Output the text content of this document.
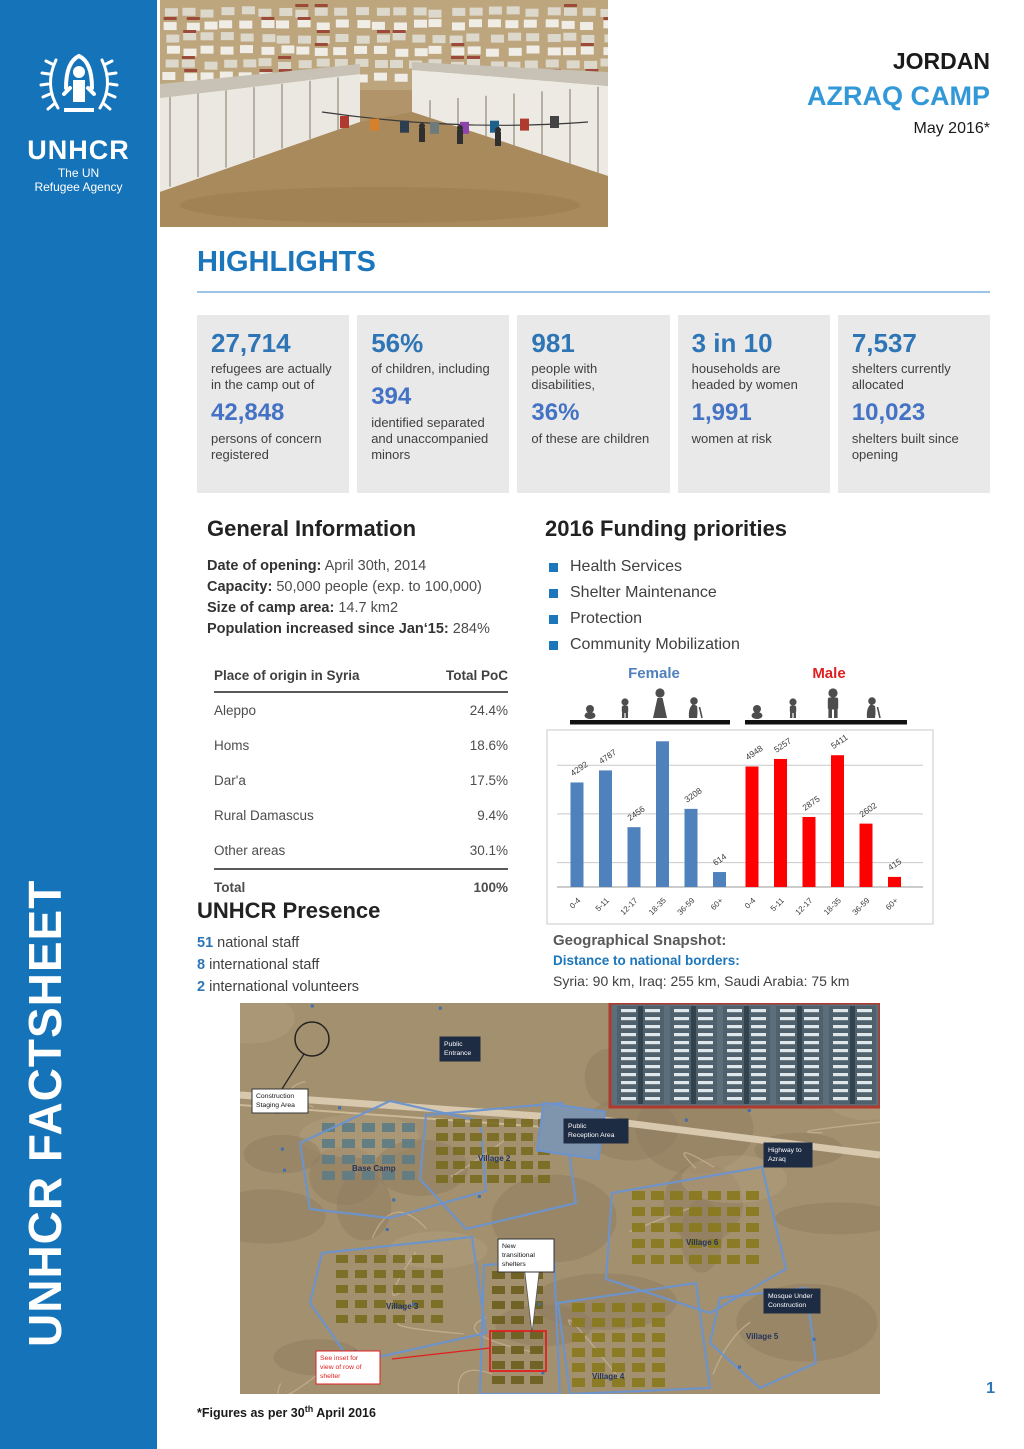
UNHCR
The UN
Refugee Agency
UNHCR FACTSHEET
JORDAN
AZRAQ CAMP
May 2016*
HIGHLIGHTS
27,714
refugees are actually in the camp out of
42,848
persons of concern registered
56%
of children, including
394
identified separated and unaccompanied minors
981
people with disabilities,
36%
of these are children
3 in 10
households are headed by women
1,991
women at risk
7,537
shelters currently allocated
10,023
shelters built since opening
General Information
Date of opening: April 30th, 2014
Capacity: 50,000 people (exp. to 100,000)
Size of camp area: 14.7 km2
Population increased since Jan‘15: 284%
Place of origin in Syria	Total PoC
Aleppo	24.4%
Homs	18.6%
Dar'a	17.5%
Rural Damascus	9.4%
Other areas	30.1%
Total	100%
UNHCR Presence
51 national staff
8 international staff
2 international volunteers
2016 Funding priorities
Health Services
Shelter Maintenance
Protection
Community Mobilization
Female	Male
4292
0-4
4787
5-11
2456
12-17 18-35
3208
36-59
614
60+
4948
0-4
5257
5-11
2875
12-17
5411
18-35
2602
36-59
415
60+
Geographical Snapshot:
Distance to national borders:
Syria: 90 km, Iraq: 255 km, Saudi Arabia: 75 km
Construction
Staging Area
Public
Entrance
Public
Reception Area
Base Camp
Village 2
Village 6
Village 3
Village 5
Village 4
Highway to
Azraq
New
transitional
shelters
Mosque Under
Construction
See inset for
view of row of
shelter
*Figures as per 30th April 2016
1
